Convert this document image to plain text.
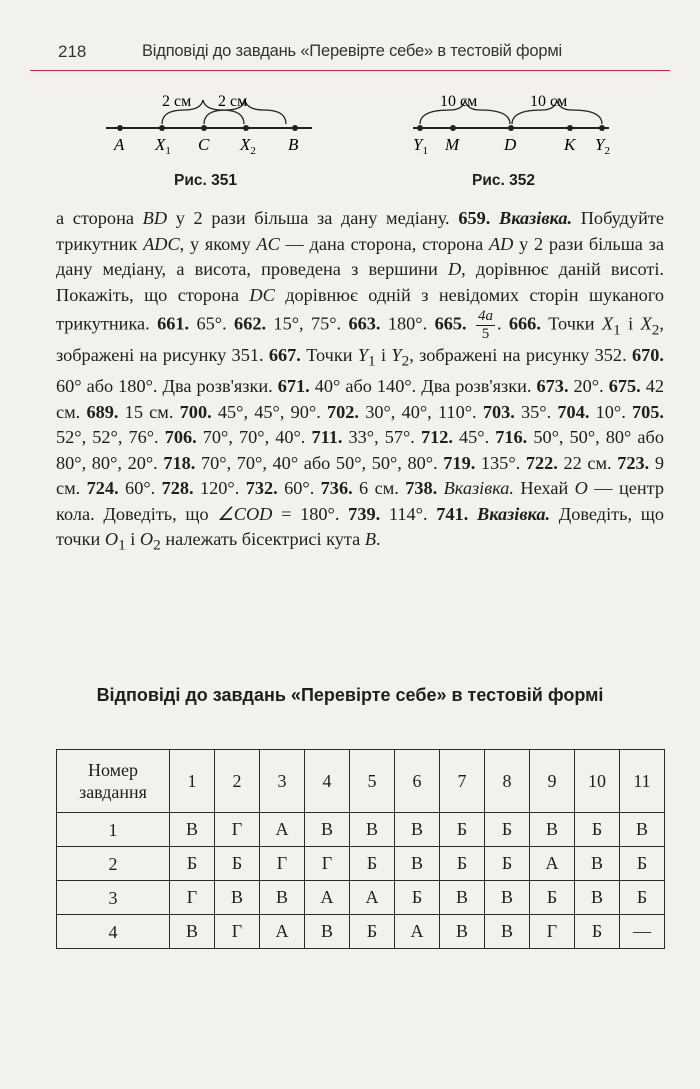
218	Відповіді до завдань «Перевірте себе» в тестовій формі
2 см 2 см
A $X_1$ C $X_2$ B
Рис. 351
10 см	10 см
$Y_1$ M	D	K $Y_2$
Рис. 352

а сторона BD у 2 рази більша за дану медіану. 659. Вказівка. Побудуйте трикутник ADC, у якому AC — дана сторона, сторона AD у 2 рази більша за дану медіану, а висота, проведена з вершини D, дорівнює даній висоті. Покажіть, що сторона DC дорівнює одній з невідомих сторін шуканого трикутника. 661. 65°. 662. 15°, 75°. 663. 180°. 665. $\frac{4a}{5}$ . 666. Точки $X_1$ і $X_2$, зображені на рисунку 351. 667. Точки $Y_1$ і $Y_2$, зображені на рисунку 352. 670. 60° або 180°. Два розв'язки. 671. 40° або 140°. Два розв'язки. 673. 20°. 675. 42 см. 689. 15 см. 700. 45°, 45°, 90°. 702. 30°, 40°, 110°. 703. 35°. 704. 10°. 705. 52°, 52°, 76°. 706. 70°, 70°, 40°. 711. 33°, 57°. 712. 45°. 716. 50°, 50°, 80° або 80°, 80°, 20°. 718. 70°, 70°, 40° або 50°, 50°, 80°. 719. 135°. 722. 22 см. 723. 9 см. 724. 60°. 728. 120°. 732. 60°. 736. 6 см. 738. Вказівка. Нехай O — центр кола. Доведіть, що ∠COD = 180°. 739. 114°. 741. Вказівка. Доведіть, що точки $O_1$ і $O_2$ належать бісектрисі кута B.

Відповіді до завдань «Перевірте себе» в тестовій формі
Номер
завдання	1	2	3	4	5	6	7	8	9	10	11
1	В	Г	А	В	В	В	Б	Б	В	Б	В
2	Б	Б	Г	Г	Б	В	Б	Б	А	В	Б
3	Г	В	В	А	А	Б	В	В	Б	В	Б
4	В	Г	А	В	Б	А	В	В	Г	Б	—
